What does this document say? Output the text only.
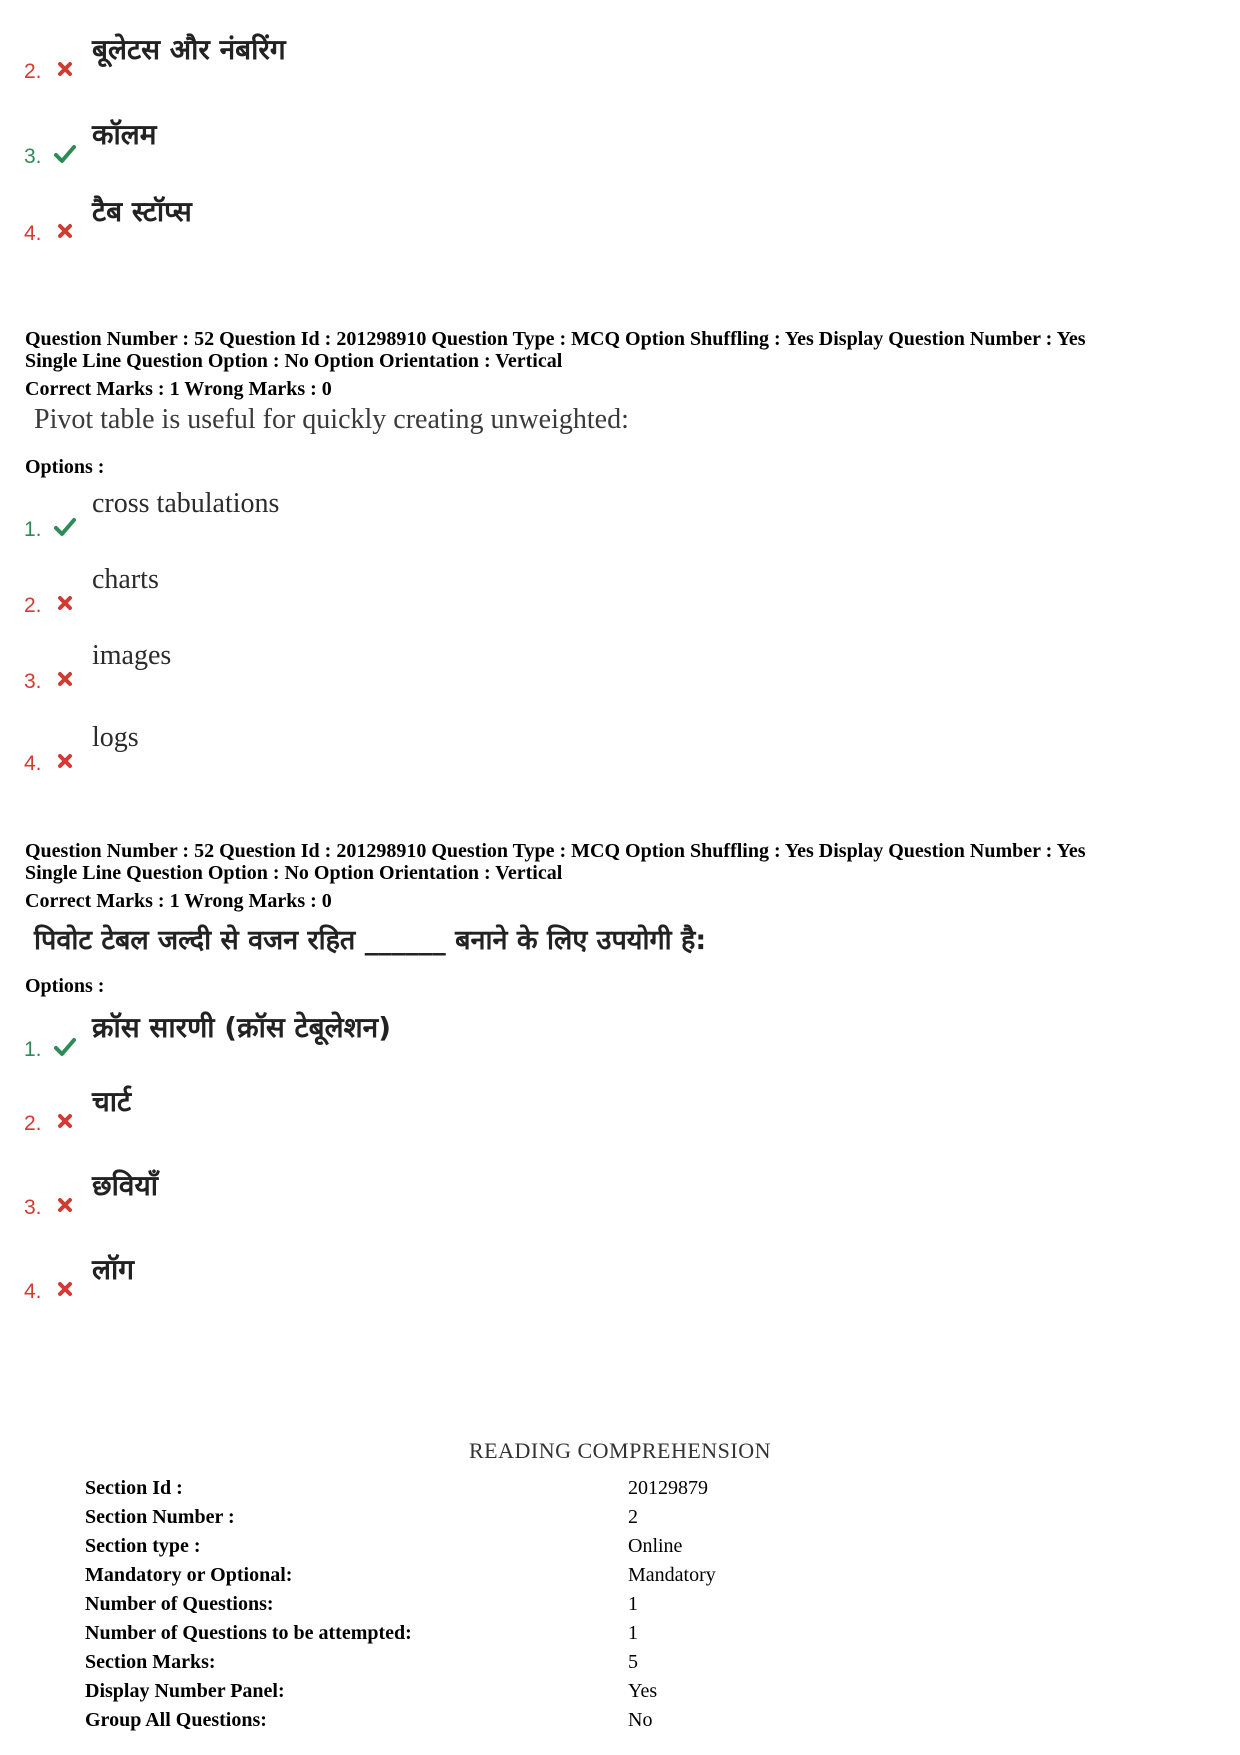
2.
बूलेटस और नंबरिंग
3.
कॉलम
4.
टैब स्टॉप्स
Question Number : 52 Question Id : 201298910 Question Type : MCQ Option Shuffling : Yes Display Question Number : Yes
Single Line Question Option : No Option Orientation : Vertical
Correct Marks : 1 Wrong Marks : 0
Pivot table is useful for quickly creating unweighted:
Options :
1.
cross tabulations
2.
charts
3.
images
4.
logs
Question Number : 52 Question Id : 201298910 Question Type : MCQ Option Shuffling : Yes Display Question Number : Yes
Single Line Question Option : No Option Orientation : Vertical
Correct Marks : 1 Wrong Marks : 0
पिवोट टेबल जल्दी से वजन रहित ______ बनाने के लिए उपयोगी है:
Options :
1.
क्रॉस सारणी (क्रॉस टेबूलेशन)
2.
चार्ट
3.
छवियाँ
4.
लॉग
READING COMPREHENSION
Section Id :	20129879
Section Number :	2
Section type :	Online
Mandatory or Optional:	Mandatory
Number of Questions:	1
Number of Questions to be attempted:	1
Section Marks:	5
Display Number Panel:	Yes
Group All Questions:	No
